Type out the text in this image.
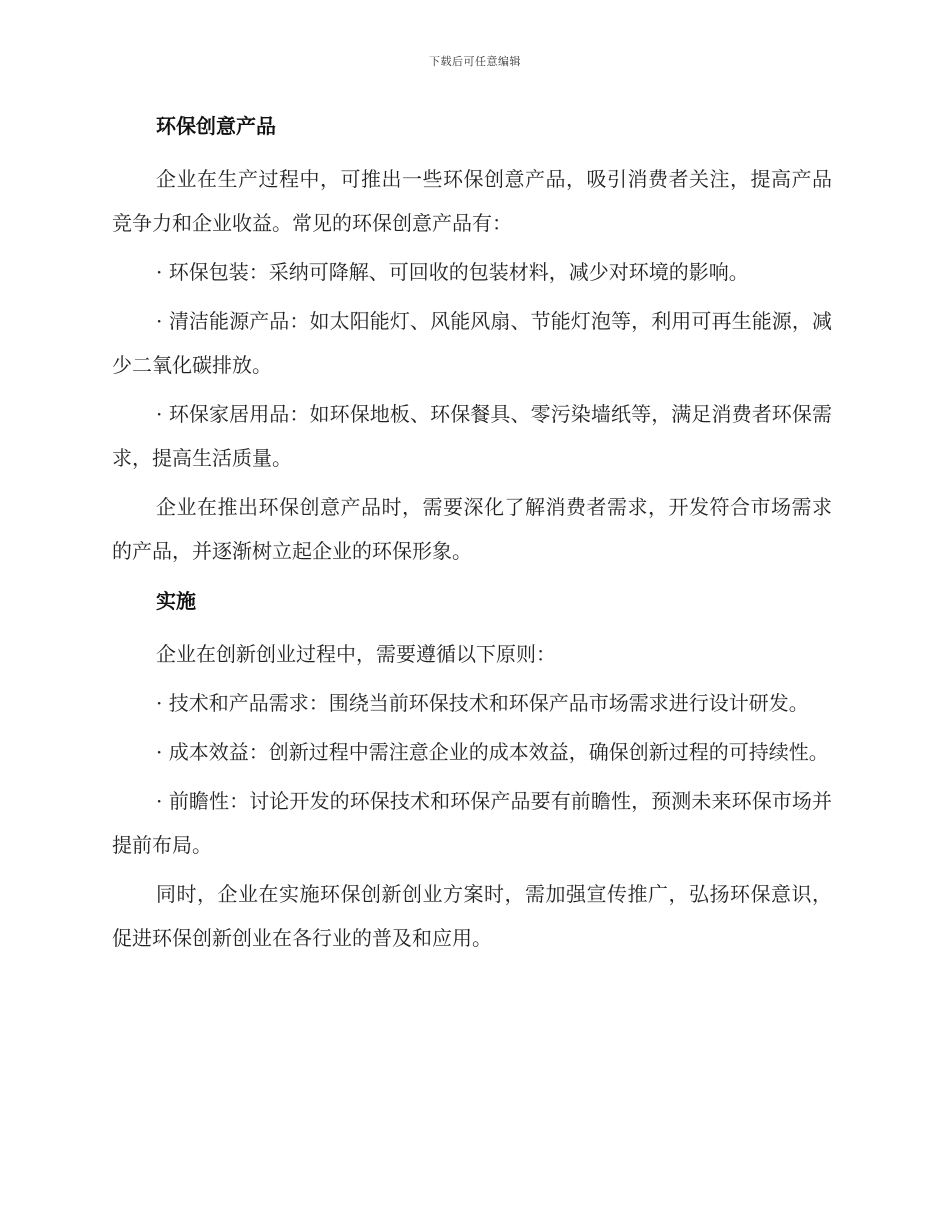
下载后可任意编辑
环保创意产品

企业在生产过程中，可推出一些环保创意产品，吸引消费者关注，提高产品竞争力和企业收益。常见的环保创意产品有：

· 环保包装：采纳可降解、可回收的包装材料，减少对环境的影响。

· 清洁能源产品：如太阳能灯、风能风扇、节能灯泡等，利用可再生能源，减少二氧化碳排放。

· 环保家居用品：如环保地板、环保餐具、零污染墙纸等，满足消费者环保需求，提高生活质量。

企业在推出环保创意产品时，需要深化了解消费者需求，开发符合市场需求的产品，并逐渐树立起企业的环保形象。

实施

企业在创新创业过程中，需要遵循以下原则：

· 技术和产品需求：围绕当前环保技术和环保产品市场需求进行设计研发。

· 成本效益：创新过程中需注意企业的成本效益，确保创新过程的可持续性。

· 前瞻性：讨论开发的环保技术和环保产品要有前瞻性，预测未来环保市场并提前布局。

同时，企业在实施环保创新创业方案时，需加强宣传推广，弘扬环保意识，促进环保创新创业在各行业的普及和应用。
